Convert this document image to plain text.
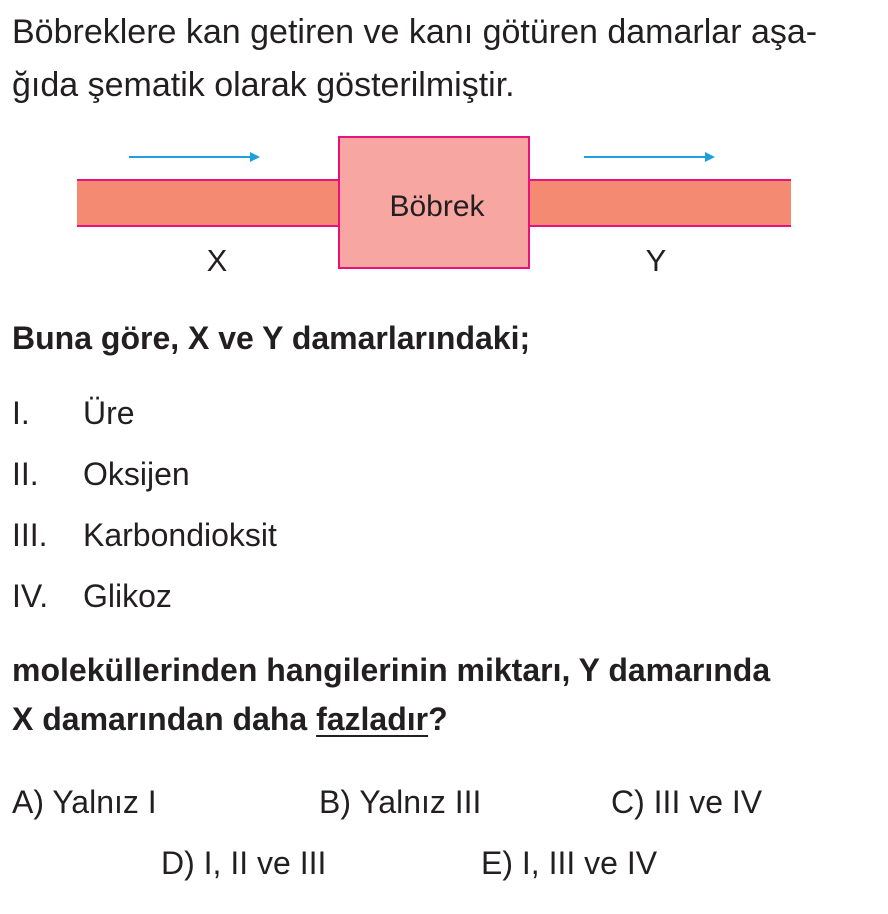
Böbreklere kan getiren ve kanı götüren damarlar aşa-
ğıda şematik olarak gösterilmiştir.
Böbrek
X	Y
Buna göre, X ve Y damarlarındaki;
I. Üre
II. Oksijen
III. Karbondioksit
IV. Glikoz
moleküllerinden hangilerinin miktarı, Y damarında
X damarından daha fazladır?
A) Yalnız I	B) Yalnız III	C) III ve IV
D) I, II ve III	E) I, III ve IV
